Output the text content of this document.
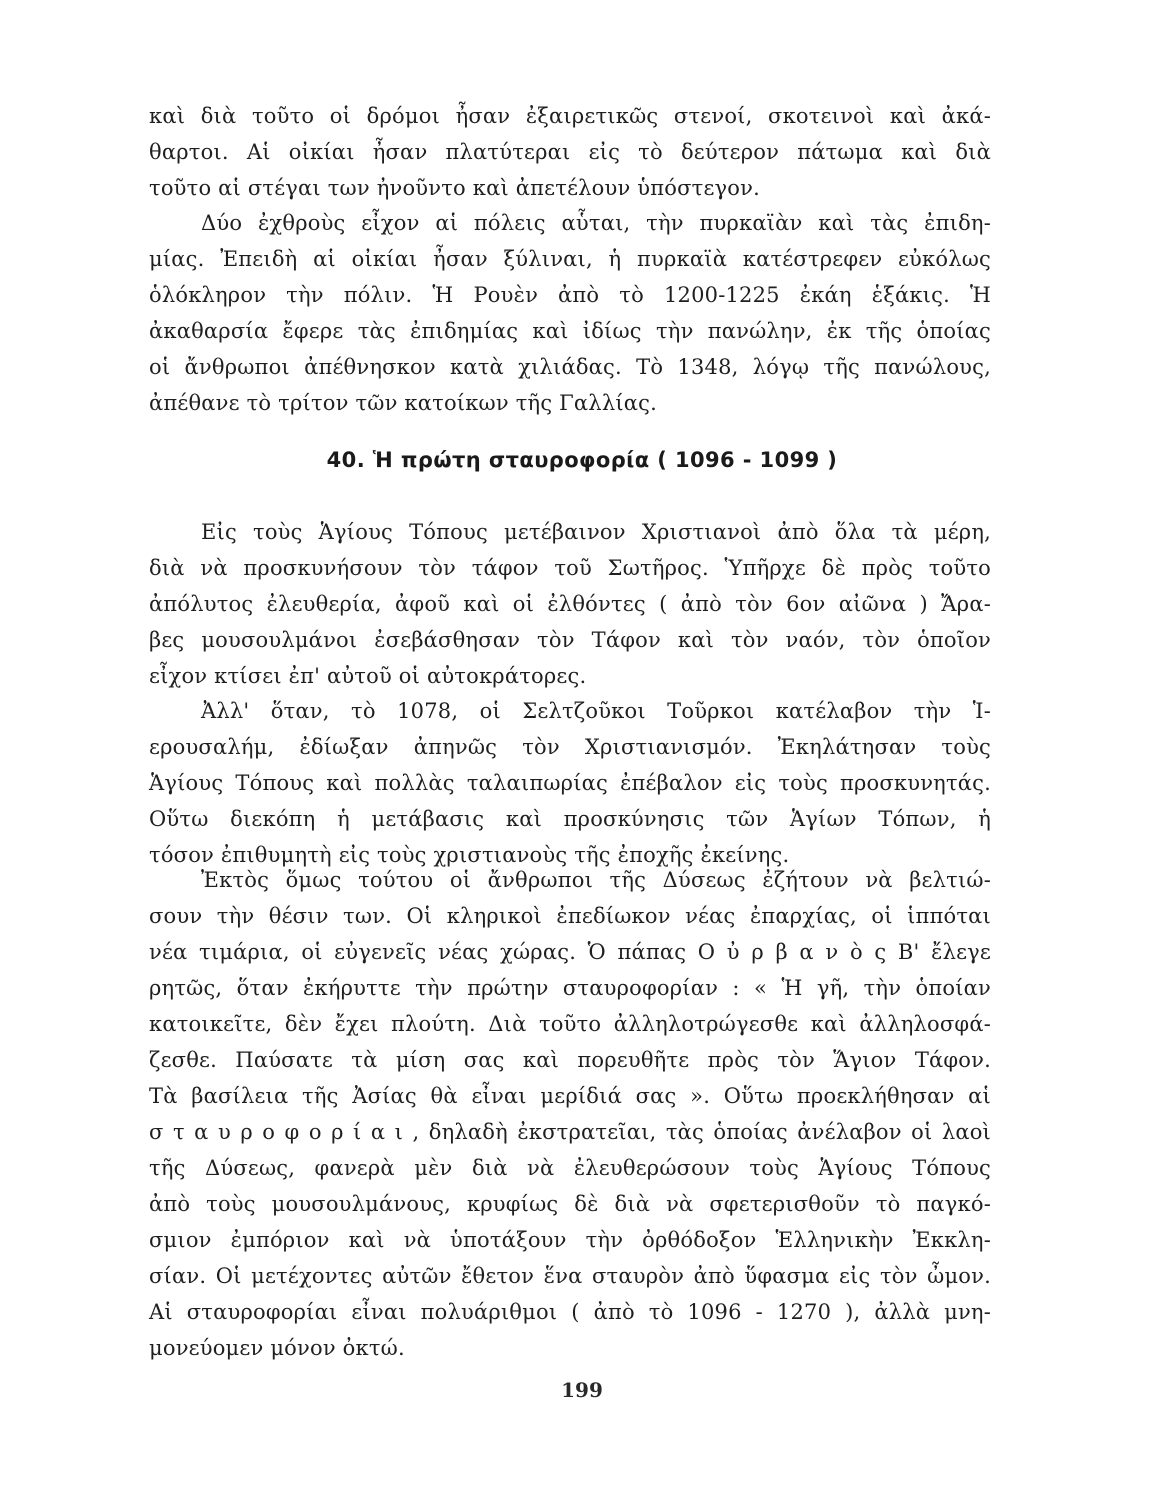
καὶ διὰ τοῦτο οἱ δρόμοι ἦσαν ἐξαιρετικῶς στενοί, σκοτεινοὶ καὶ ἀκά-
θαρτοι. Αἱ οἰκίαι ἦσαν πλατύτεραι εἰς τὸ δεύτερον πάτωμα καὶ διὰ
τοῦτο αἱ στέγαι των ἠνοῦντο καὶ ἀπετέλουν ὑπόστεγον.
Δύο ἐχθροὺς εἶχον αἱ πόλεις αὗται, τὴν πυρκαϊὰν καὶ τὰς ἐπιδη-
μίας. Ἐπειδὴ αἱ οἰκίαι ἦσαν ξύλιναι, ἡ πυρκαϊὰ κατέστρεφεν εὐκόλως
ὁλόκληρον τὴν πόλιν. Ἡ Ρουὲν ἀπὸ τὸ 1200-1225 ἐκάη ἑξάκις. Ἡ
ἀκαθαρσία ἔφερε τὰς ἐπιδημίας καὶ ἰδίως τὴν πανώλην, ἐκ τῆς ὁποίας
οἱ ἄνθρωποι ἀπέθνησκον κατὰ χιλιάδας. Τὸ 1348, λόγῳ τῆς πανώλους,
ἀπέθανε τὸ τρίτον τῶν κατοίκων τῆς Γαλλίας.
40. Ἡ πρώτη σταυροφορία ( 1096 - 1099 )
Εἰς τοὺς Ἁγίους Τόπους μετέβαινον Χριστιανοὶ ἀπὸ ὅλα τὰ μέρη,
διὰ νὰ προσκυνήσουν τὸν τάφον τοῦ Σωτῆρος. Ὑπῆρχε δὲ πρὸς τοῦτο
ἀπόλυτος ἐλευθερία, ἀφοῦ καὶ οἱ ἐλθόντες ( ἀπὸ τὸν 6ον αἰῶνα ) Ἄρα-
βες μουσουλμάνοι ἐσεβάσθησαν τὸν Τάφον καὶ τὸν ναόν, τὸν ὁποῖον
εἶχον κτίσει ἐπ' αὐτοῦ οἱ αὐτοκράτορες.
Ἀλλ' ὅταν, τὸ 1078, οἱ Σελτζοῦκοι Τοῦρκοι κατέλαβον τὴν Ἱ-
ερουσαλήμ, ἐδίωξαν ἀπηνῶς τὸν Χριστιανισμόν. Ἐκηλάτησαν τοὺς
Ἁγίους Τόπους καὶ πολλὰς ταλαιπωρίας ἐπέβαλον εἰς τοὺς προσκυνητάς.
Οὕτω διεκόπη ἡ μετάβασις καὶ προσκύνησις τῶν Ἁγίων Τόπων, ἡ
τόσον ἐπιθυμητὴ εἰς τοὺς χριστιανοὺς τῆς ἐποχῆς ἐκείνης.
Ἐκτὸς ὅμως τούτου οἱ ἄνθρωποι τῆς Δύσεως ἐζήτουν νὰ βελτιώ-
σουν τὴν θέσιν των. Οἱ κληρικοὶ ἐπεδίωκον νέας ἐπαρχίας, οἱ ἱππόται
νέα τιμάρια, οἱ εὐγενεῖς νέας χώρας. Ὁ πάπας Ο ὐ ρ β α ν ὸ ς Β' ἔλεγε
ρητῶς, ὅταν ἐκήρυττε τὴν πρώτην σταυροφορίαν : « Ἡ γῆ, τὴν ὁποίαν
κατοικεῖτε, δὲν ἔχει πλούτη. Διὰ τοῦτο ἀλληλοτρώγεσθε καὶ ἀλληλοσφά-
ζεσθε. Παύσατε τὰ μίση σας καὶ πορευθῆτε πρὸς τὸν Ἅγιον Τάφον.
Τὰ βασίλεια τῆς Ἀσίας θὰ εἶναι μερίδιά σας ». Οὕτω προεκλήθησαν αἱ
σ τ α υ ρ ο φ ο ρ ί α ι , δηλαδὴ ἐκστρατεῖαι, τὰς ὁποίας ἀνέλαβον οἱ λαοὶ
τῆς Δύσεως, φανερὰ μὲν διὰ νὰ ἐλευθερώσουν τοὺς Ἁγίους Τόπους
ἀπὸ τοὺς μουσουλμάνους, κρυφίως δὲ διὰ νὰ σφετερισθοῦν τὸ παγκό-
σμιον ἐμπόριον καὶ νὰ ὑποτάξουν τὴν ὀρθόδοξον Ἑλληνικὴν Ἐκκλη-
σίαν. Οἱ μετέχοντες αὐτῶν ἔθετον ἕνα σταυρὸν ἀπὸ ὕφασμα εἰς τὸν ὦμον.
Αἱ σταυροφορίαι εἶναι πολυάριθμοι ( ἀπὸ τὸ 1096 - 1270 ), ἀλλὰ μνη-
μονεύομεν μόνον ὀκτώ.
199
